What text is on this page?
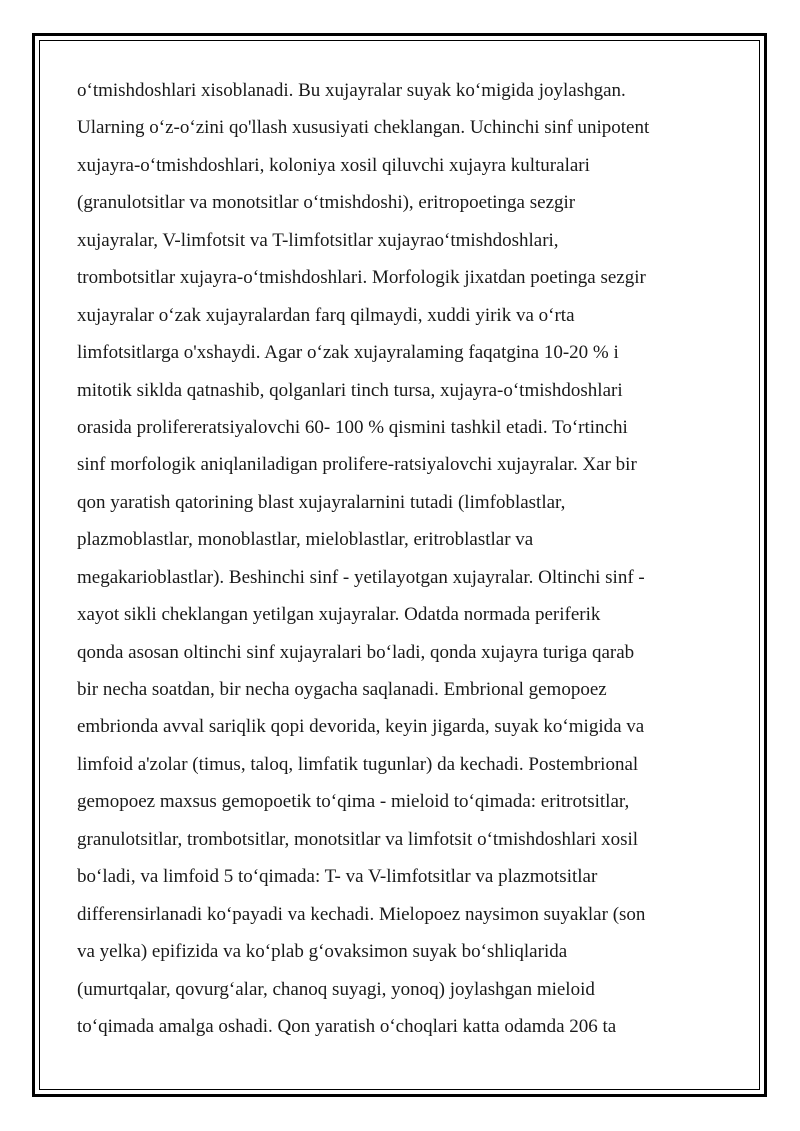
o‘tmishdoshlari xisoblanadi. Bu xujayralar suyak ko‘migida joylashgan.
Ularning o‘z-o‘zini qo'llash xususiyati cheklangan. Uchinchi sinf unipotent
xujayra-o‘tmishdoshlari, koloniya xosil qiluvchi xujayra kulturalari
(granulotsitlar va monotsitlar o‘tmishdoshi), eritropoetinga sezgir
xujayralar, V-limfotsit va T-limfotsitlar xujayrao‘tmishdoshlari,
trombotsitlar xujayra-o‘tmishdoshlari. Morfologik jixatdan poetinga sezgir
xujayralar o‘zak xujayralardan farq qilmaydi, xuddi yirik va o‘rta
limfotsitlarga o'xshaydi. Agar o‘zak xujayralaming faqatgina 10-20 % i
mitotik siklda qatnashib, qolganlari tinch tursa, xujayra-o‘tmishdoshlari
orasida prolifereratsiyalovchi 60- 100 % qismini tashkil etadi. To‘rtinchi
sinf morfologik aniqlaniladigan prolifere-ratsiyalovchi xujayralar. Xar bir
qon yaratish qatorining blast xujayralarnini tutadi (limfoblastlar,
plazmoblastlar, monoblastlar, mieloblastlar, eritroblastlar va
megakarioblastlar). Beshinchi sinf - yetilayotgan xujayralar. Oltinchi sinf -
xayot sikli cheklangan yetilgan xujayralar. Odatda normada periferik
qonda asosan oltinchi sinf xujayralari bo‘ladi, qonda xujayra turiga qarab
bir necha soatdan, bir necha oygacha saqlanadi. Embrional gemopoez
embrionda avval sariqlik qopi devorida, keyin jigarda, suyak ko‘migida va
limfoid a'zolar (timus, taloq, limfatik tugunlar) da kechadi. Postembrional
gemopoez maxsus gemopoetik to‘qima - mieloid to‘qimada: eritrotsitlar,
granulotsitlar, trombotsitlar, monotsitlar va limfotsit o‘tmishdoshlari xosil
bo‘ladi, va limfoid 5 to‘qimada: T- va V-limfotsitlar va plazmotsitlar
differensirlanadi ko‘payadi va kechadi. Mielopoez naysimon suyaklar (son
va yelka) epifizida va ko‘plab g‘ovaksimon suyak bo‘shliqlarida
(umurtqalar, qovurg‘alar, chanoq suyagi, yonoq) joylashgan mieloid
to‘qimada amalga oshadi. Qon yaratish o‘choqlari katta odamda 206 ta
